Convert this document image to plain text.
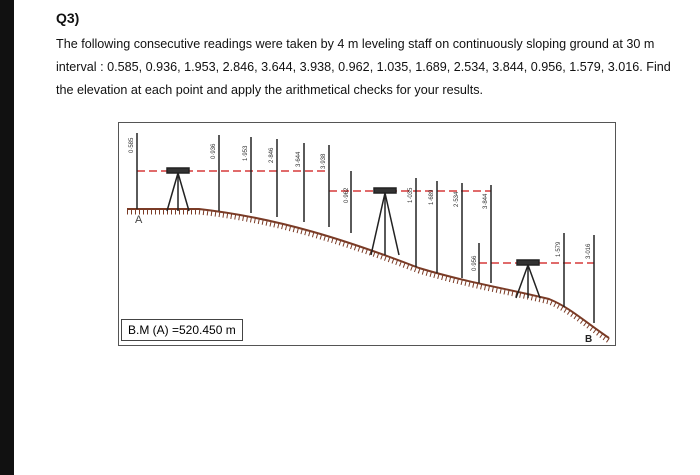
Q3)

The following consecutive readings were taken by 4 m leveling staff on continuously sloping ground at 30 m interval : 0.585, 0.936, 1.953, 2.846, 3.644, 3.938, 0.962, 1.035, 1.689, 2.534, 3.844, 0.956, 1.579, 3.016. Find the elevation at each point and apply the arithmetical checks for your results.

0·585	0·936	1·953	2·846	3·644	3·938
0·962	1·035	1·689	2·534	3·844
0·956
1·579	3·016
A
B
B.M (A) =520.450 m
